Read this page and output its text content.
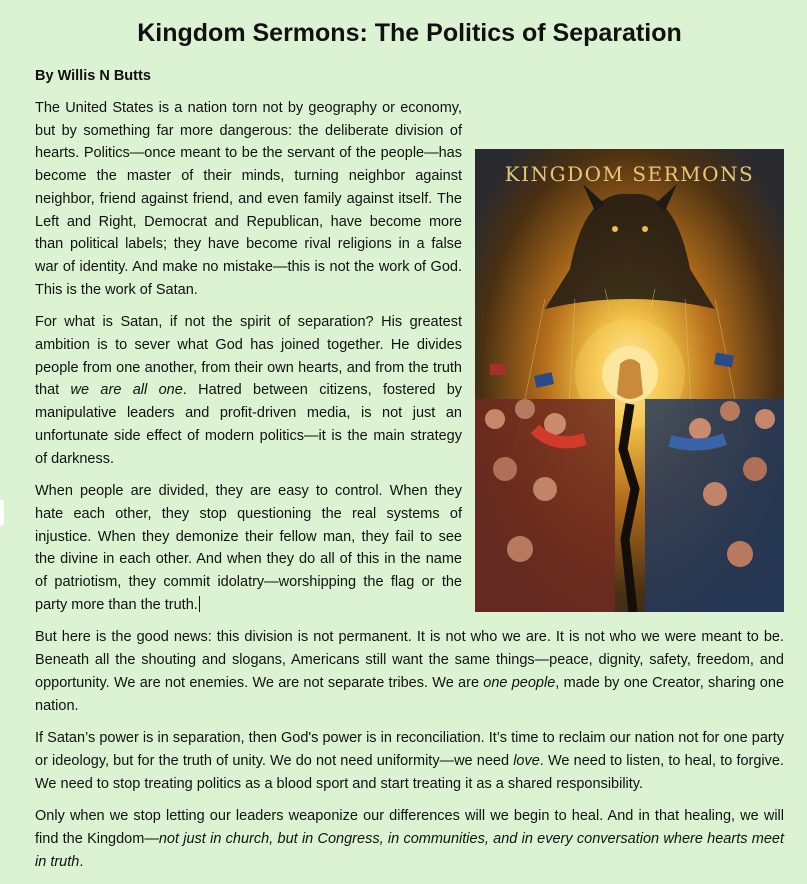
Kingdom Sermons: The Politics of Separation
By Willis N Butts
KINGDOM SERMONS

The United States is a nation torn not by geography or economy, but by something far more dangerous: the deliberate division of hearts. Politics—once meant to be the servant of the people—has become the master of their minds, turning neighbor against neighbor, friend against friend, and even family against itself. The Left and Right, Democrat and Republican, have become more than political labels; they have become rival religions in a false war of identity. And make no mistake—this is not the work of God. This is the work of Satan.

For what is Satan, if not the spirit of separation? His greatest ambition is to sever what God has joined together. He divides people from one another, from their own hearts, and from the truth that we are all one. Hatred between citizens, fostered by manipulative leaders and profit-driven media, is not just an unfortunate side effect of modern politics—it is the main strategy of darkness.

When people are divided, they are easy to control. When they hate each other, they stop questioning the real systems of injustice. When they demonize their fellow man, they fail to see the divine in each other. And when they do all of this in the name of patriotism, they commit idolatry—worshipping the flag or the party more than the truth.

But here is the good news: this division is not permanent. It is not who we are. It is not who we were meant to be. Beneath all the shouting and slogans, Americans still want the same things—peace, dignity, safety, freedom, and opportunity. We are not enemies. We are not separate tribes. We are one people, made by one Creator, sharing one nation.

If Satan’s power is in separation, then God's power is in reconciliation. It’s time to reclaim our nation not for one party or ideology, but for the truth of unity. We do not need uniformity—we need love. We need to listen, to heal, to forgive. We need to stop treating politics as a blood sport and start treating it as a shared responsibility.

Only when we stop letting our leaders weaponize our differences will we begin to heal. And in that healing, we will find the Kingdom—not just in church, but in Congress, in communities, and in every conversation where hearts meet in truth.
